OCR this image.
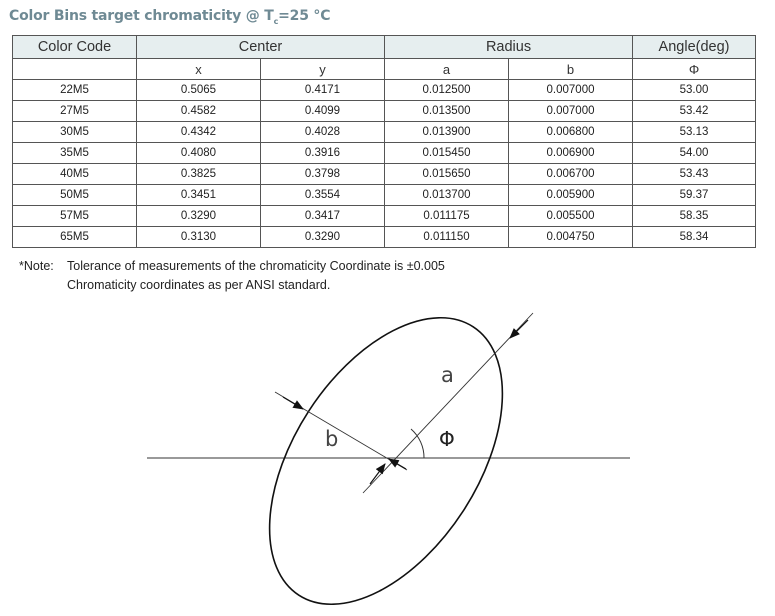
Color Bins target chromaticity @ $T_c=25$ °C
Color Code	Center		Radius		Angle(deg)
	x	y	a	b	Φ
22M5	0.5065	0.4171	0.012500	0.007000	53.00
27M5	0.4582	0.4099	0.013500	0.007000	53.42
30M5	0.4342	0.4028	0.013900	0.006800	53.13
35M5	0.4080	0.3916	0.015450	0.006900	54.00
40M5	0.3825	0.3798	0.015650	0.006700	53.43
50M5	0.3451	0.3554	0.013700	0.005900	59.37
57M5	0.3290	0.3417	0.011175	0.005500	58.35
65M5	0.3130	0.3290	0.011150	0.004750	58.34
*Note: Tolerance of measurements of the chromaticity Coordinate is ±0.005
Chromaticity coordinates as per ANSI standard.
a
b	Φ
